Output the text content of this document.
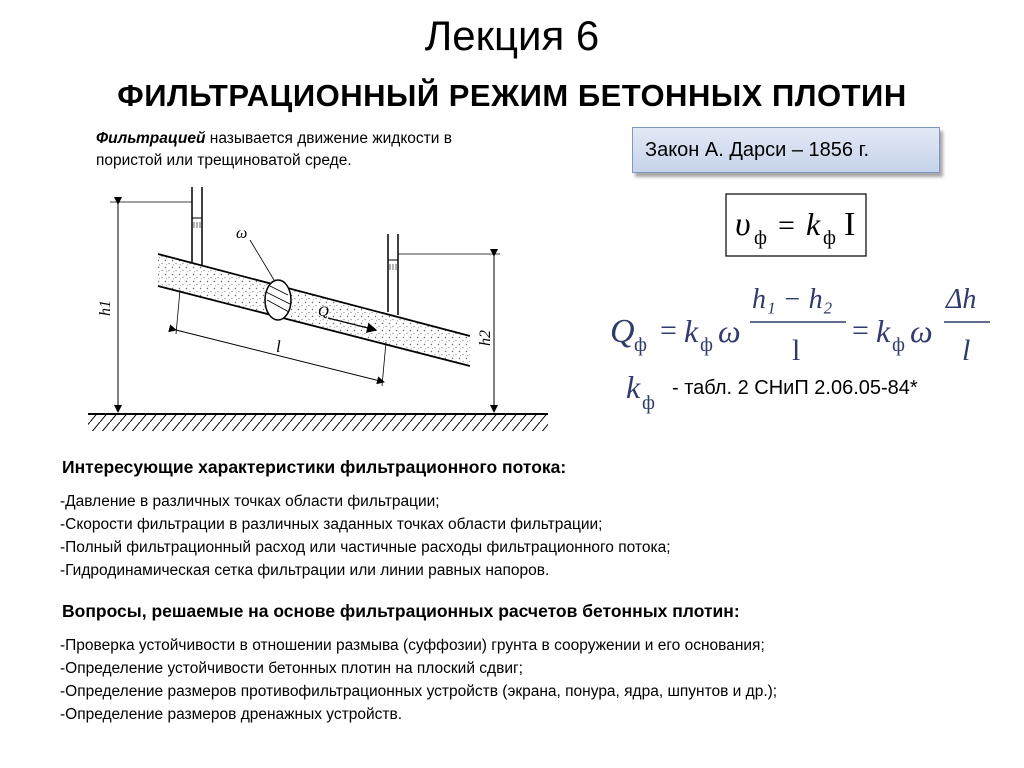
Лекция 6
ФИЛЬТРАЦИОННЫЙ РЕЖИМ БЕТОННЫХ ПЛОТИН
Фильтрацией называется движение жидкости в
пористой или трещиноватой среде.	Закон А. Дарси – 1856 г.
ω
Q
l
h1
h2
υ ф = k ф I
Q ф = k ф ω
h₁ − h₂
l
= k ф ω
Δh
l
k ф
- табл. 2 СНиП 2.06.05-84*
Интересующие характеристики фильтрационного потока:
-Давление в различных точках области фильтрации;
-Скорости фильтрации в различных заданных точках области фильтрации;
-Полный фильтрационный расход или частичные расходы фильтрационного потока;
-Гидродинамическая сетка фильтрации или линии равных напоров.
Вопросы, решаемые на основе фильтрационных расчетов бетонных плотин:
-Проверка устойчивости в отношении размыва (суффозии) грунта в сооружении и его основания;
-Определение устойчивости бетонных плотин на плоский сдвиг;
-Определение размеров противофильтрационных устройств (экрана, понура, ядра, шпунтов и др.);
-Определение размеров дренажных устройств.
